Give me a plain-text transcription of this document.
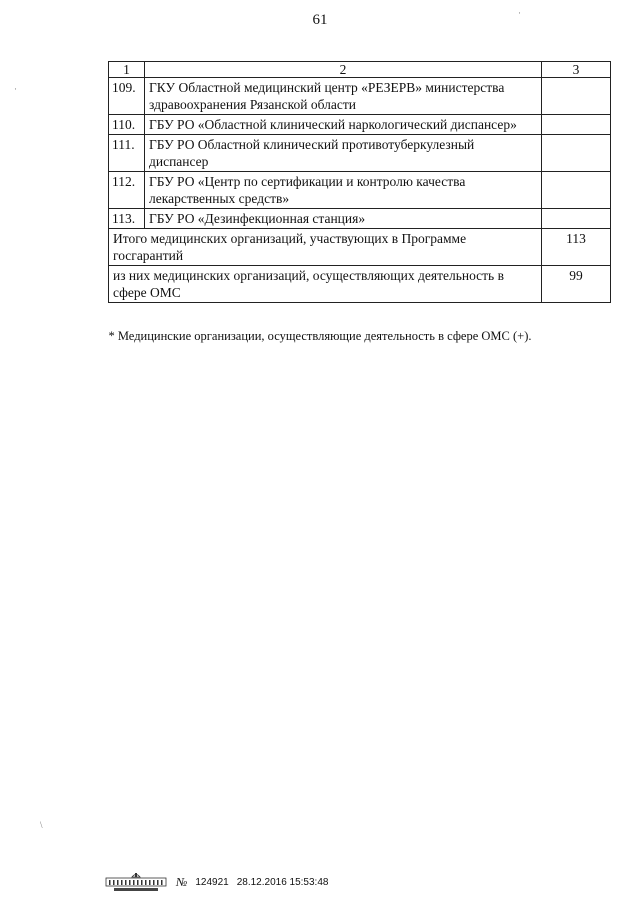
61
1	2	3
109.	ГКУ Областной медицинский центр «РЕЗЕРВ» министерства здравоохранения Рязанской области	
110.	ГБУ РО «Областной клинический наркологический диспансер»	
111.	ГБУ РО Областной клинический противотуберкулезный диспансер	
112.	ГБУ РО «Центр по сертификации и контролю качества лекарственных средств»	
113.	ГБУ РО «Дезинфекционная станция»	
Итого медицинских организаций, участвующих в Программе госгарантий		113
из них медицинских организаций, осуществляющих деятельность в сфере ОМС		99
* Медицинские организации, осуществляющие деятельность в сфере ОМС (+).
·
·
\
№ 124921 28.12.2016 15:53:48
